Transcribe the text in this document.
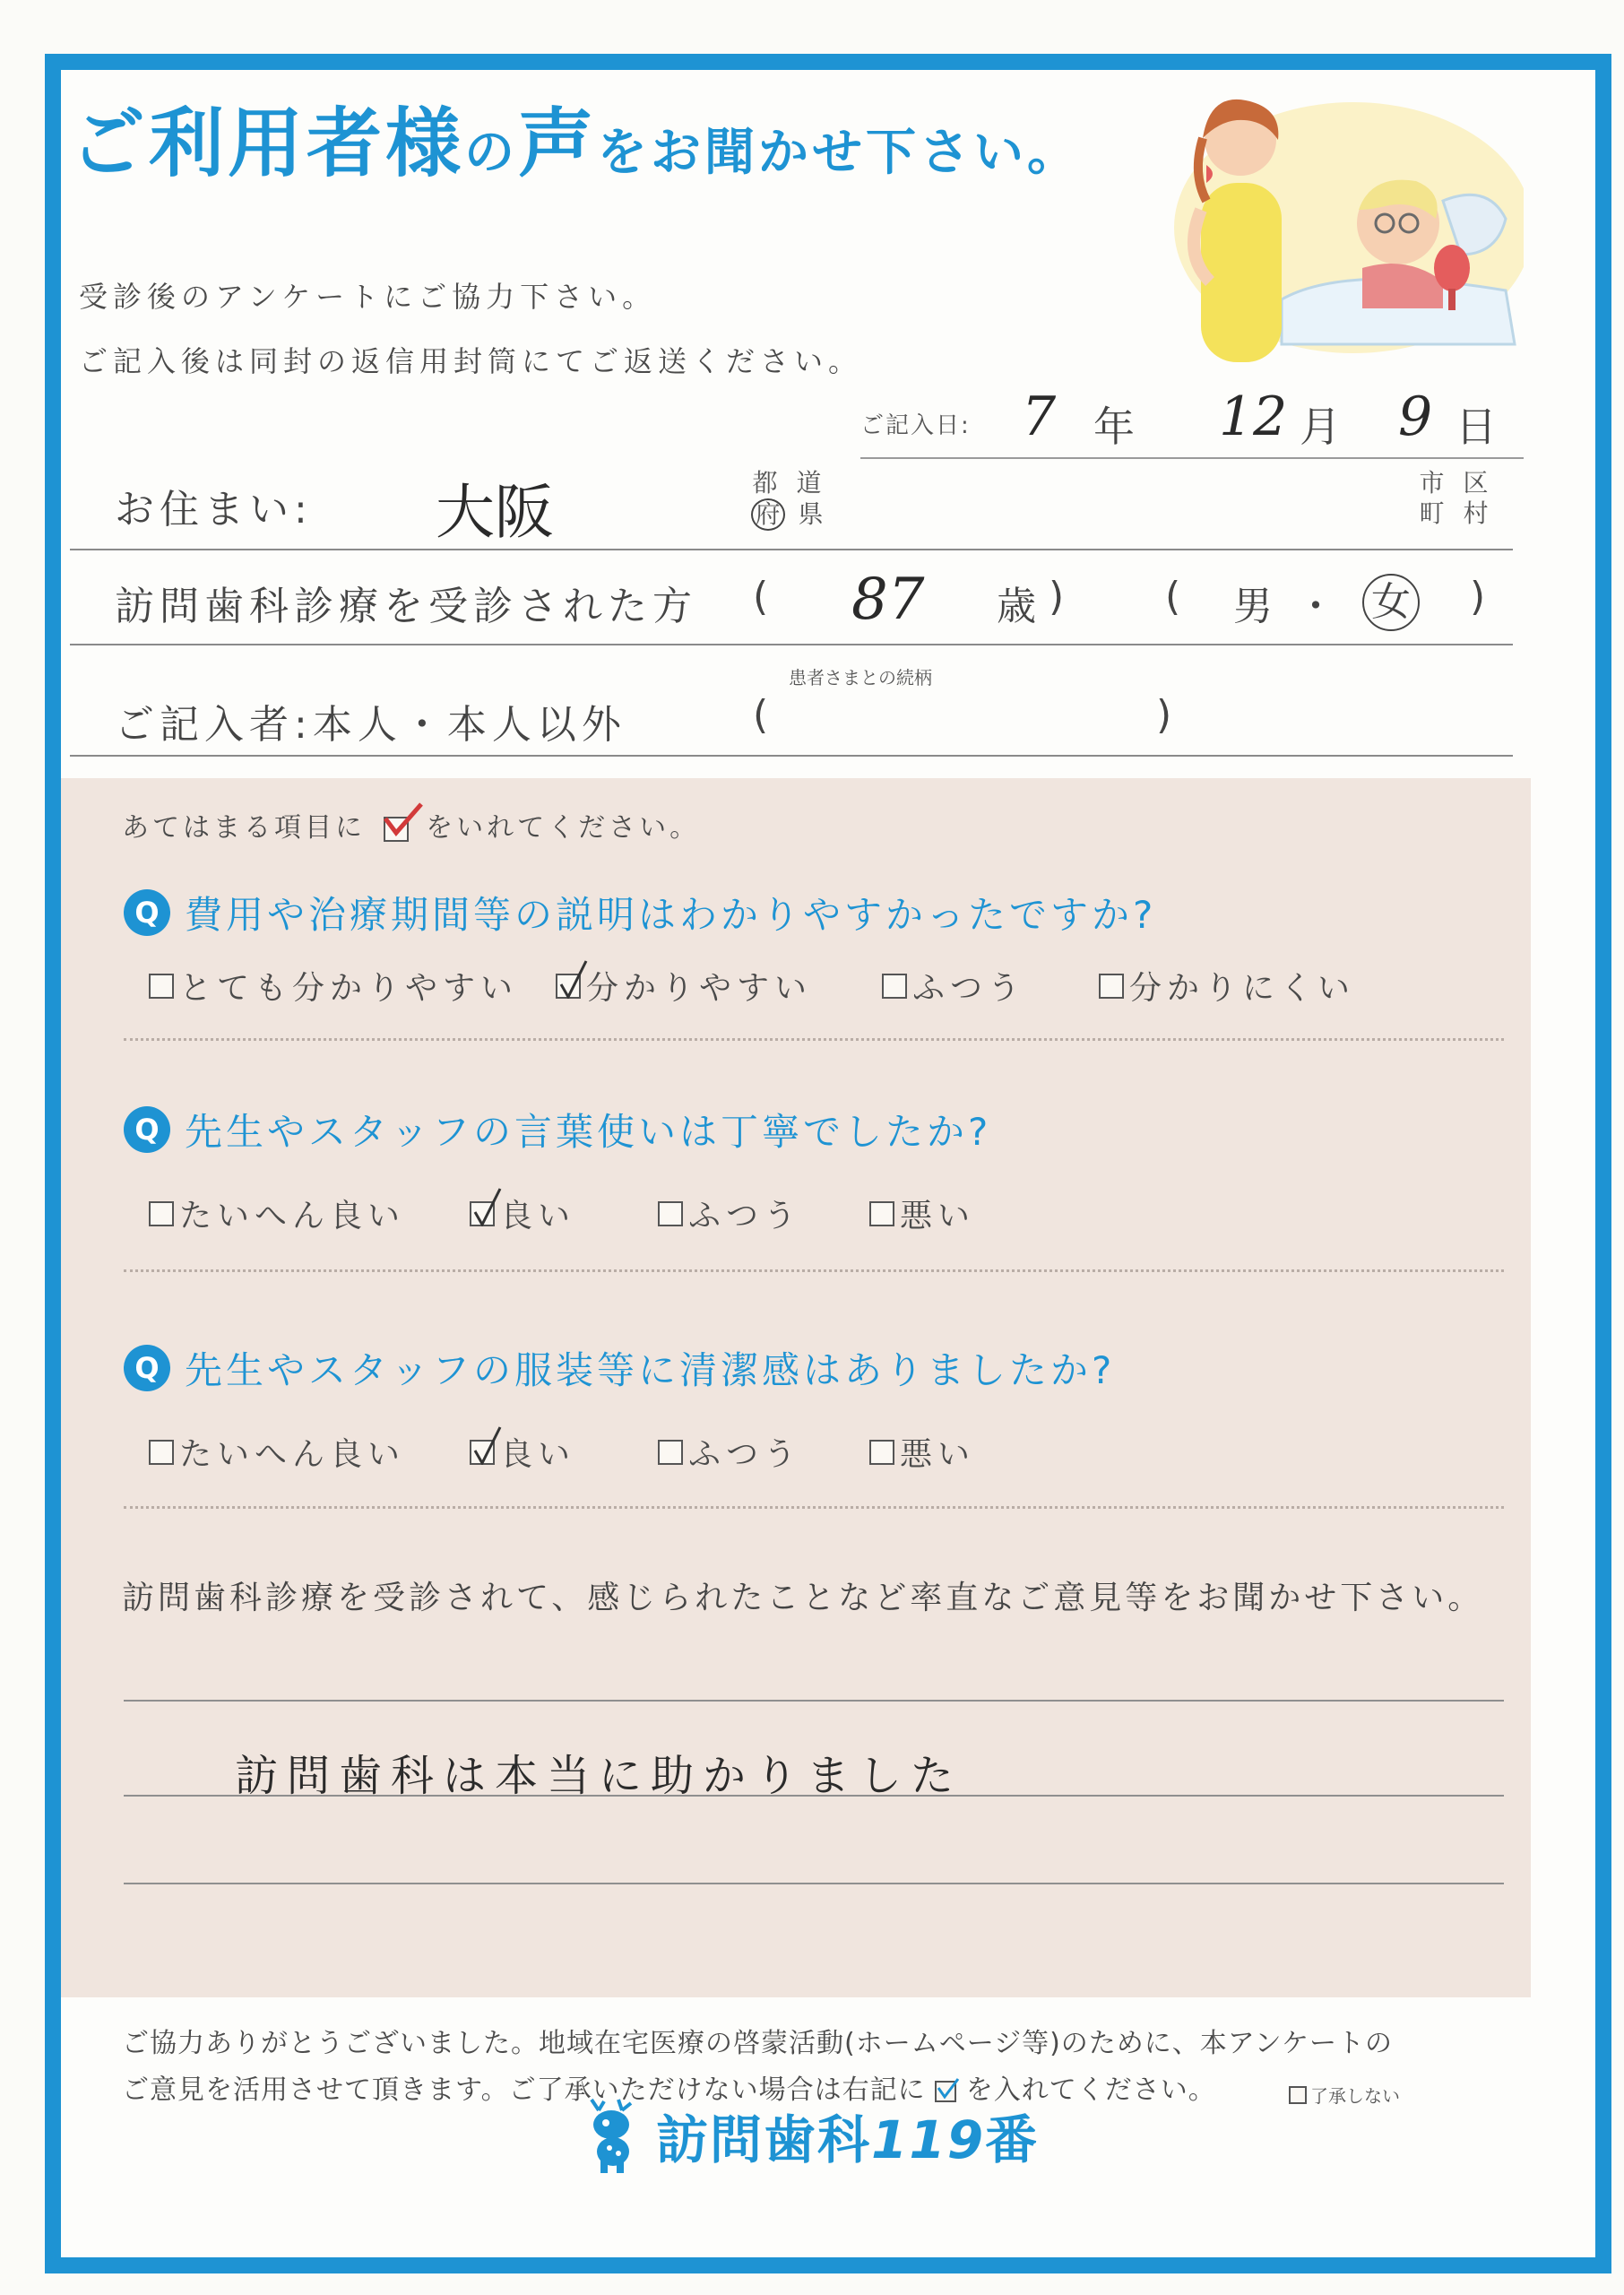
ご利用者様の声をお聞かせ下さい。
受診後のアンケートにご協力下さい。
ご記入後は同封の返信用封筒にてご返送ください。
ご記入日: 7 年 12 月 9 日
お住まい: 大阪	都 道
府 県
市 区
町 村
訪問歯科診療を受診された方 ( 87 歳 ) ( 男 ・ 女 )
患者さまとの続柄
ご記入者:本人・本人以外	(	)
あてはまる項目に をいれてください。
Q 費用や治療期間等の説明はわかりやすかったですか?
とても分かりやすい 分かりやすい	ふつう	分かりにくい
Q 先生やスタッフの言葉使いは丁寧でしたか?
たいへん良い	良い	ふつう	悪い
Q 先生やスタッフの服装等に清潔感はありましたか?
たいへん良い	良い	ふつう	悪い
訪問歯科診療を受診されて、感じられたことなど率直なご意見等をお聞かせ下さい。
訪問歯科は本当に助かりました
ご協力ありがとうございました。地域在宅医療の啓蒙活動(ホームページ等)のために、本アンケートの
ご意見を活用させて頂きます。ご了承いただけない場合は右記に を入れてください。	了承しない
訪問歯科119番
